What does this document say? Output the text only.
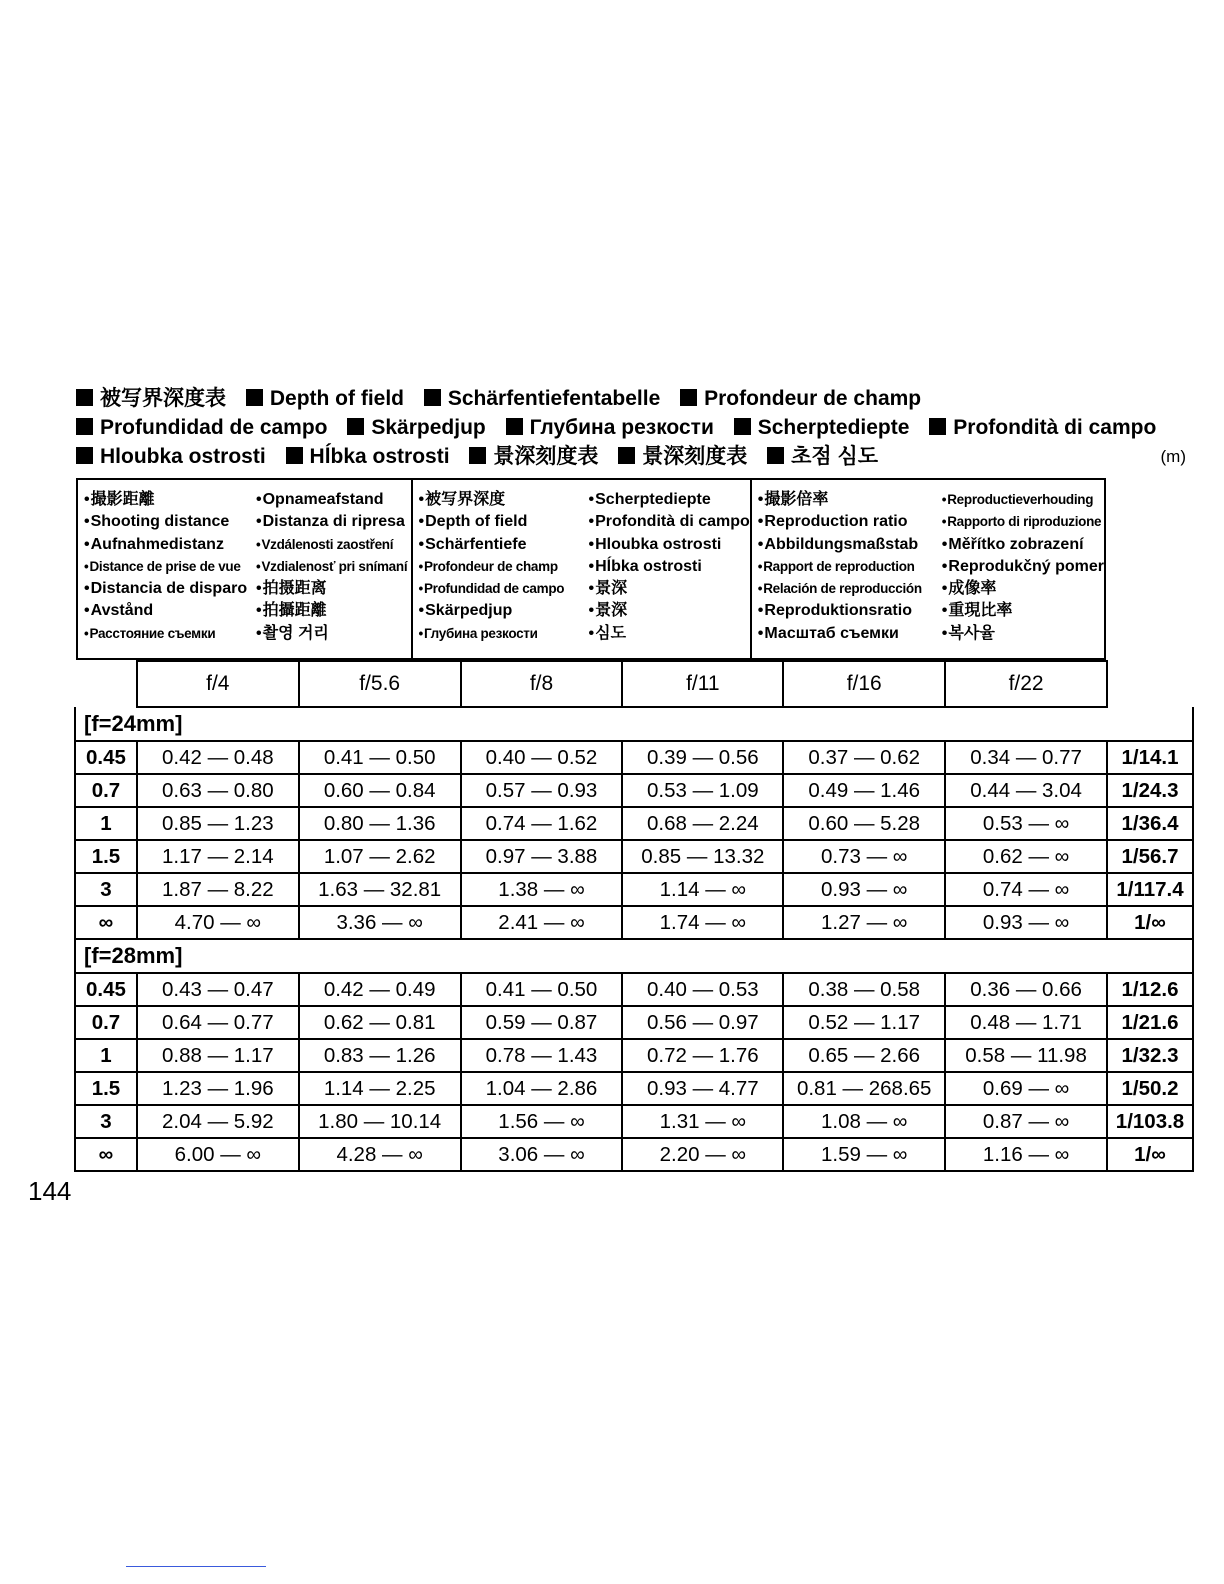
被写界深度表 Depth of field Schärfentiefentabelle Profondeur de champ
Profundidad de campo Skärpedjup Глубина резкости Scherptediepte Profondità di campo
Hloubka ostrosti Hĺbka ostrosti 景深刻度表 景深刻度表 초점 심도	(m)
• 撮影距離	• Opnameafstand
• Shooting distance	• Distanza di ripresa
• Aufnahmedistanz	• Vzdálenosti zaostření
• Distance de prise de vue	• Vzdialenosť pri snímaní
• Distancia de disparo • 拍摄距离
• Avstånd	• 拍攝距離
• Расстояние съемки	• 촬영 거리
• 被写界深度	• Scherptediepte
• Depth of field	• Profondità di campo
• Schärfentiefe	• Hloubka ostrosti
• Profondeur de champ	• Hĺbka ostrosti
• Profundidad de campo	• 景深
• Skärpedjup	• 景深
• Глубина резкости	• 심도
• 撮影倍率	• Reproductieverhouding
• Reproduction ratio	• Rapporto di riproduzione
• Abbildungsmaßstab	• Měřítko zobrazení
• Rapport de reproduction	• Reprodukčný pomer
• Relación de reproducción	• 成像率
• Reproduktionsratio	• 重現比率
• Масштаб съемки	• 복사율
	f/4	f/5.6	f/8	f/11	f/16	f/22	
[f=24mm]							
0.45	0.42 — 0.48	0.41 — 0.50	0.40 — 0.52	0.39 — 0.56	0.37 — 0.62	0.34 — 0.77	1/14.1
0.7	0.63 — 0.80	0.60 — 0.84	0.57 — 0.93	0.53 — 1.09	0.49 — 1.46	0.44 — 3.04	1/24.3
1	0.85 — 1.23	0.80 — 1.36	0.74 — 1.62	0.68 — 2.24	0.60 — 5.28	0.53 — ∞	1/36.4
1.5	1.17 — 2.14	1.07 — 2.62	0.97 — 3.88	0.85 — 13.32	0.73 — ∞	0.62 — ∞	1/56.7
3	1.87 — 8.22	1.63 — 32.81	1.38 — ∞	1.14 — ∞	0.93 — ∞	0.74 — ∞	1/117.4
∞	4.70 — ∞	3.36 — ∞	2.41 — ∞	1.74 — ∞	1.27 — ∞	0.93 — ∞	1/∞
[f=28mm]							
0.45	0.43 — 0.47	0.42 — 0.49	0.41 — 0.50	0.40 — 0.53	0.38 — 0.58	0.36 — 0.66	1/12.6
0.7	0.64 — 0.77	0.62 — 0.81	0.59 — 0.87	0.56 — 0.97	0.52 — 1.17	0.48 — 1.71	1/21.6
1	0.88 — 1.17	0.83 — 1.26	0.78 — 1.43	0.72 — 1.76	0.65 — 2.66	0.58 — 11.98	1/32.3
1.5	1.23 — 1.96	1.14 — 2.25	1.04 — 2.86	0.93 — 4.77	0.81 — 268.65	0.69 — ∞	1/50.2
3	2.04 — 5.92	1.80 — 10.14	1.56 — ∞	1.31 — ∞	1.08 — ∞	0.87 — ∞	1/103.8
∞	6.00 — ∞	4.28 — ∞	3.06 — ∞	2.20 — ∞	1.59 — ∞	1.16 — ∞	1/∞
144
